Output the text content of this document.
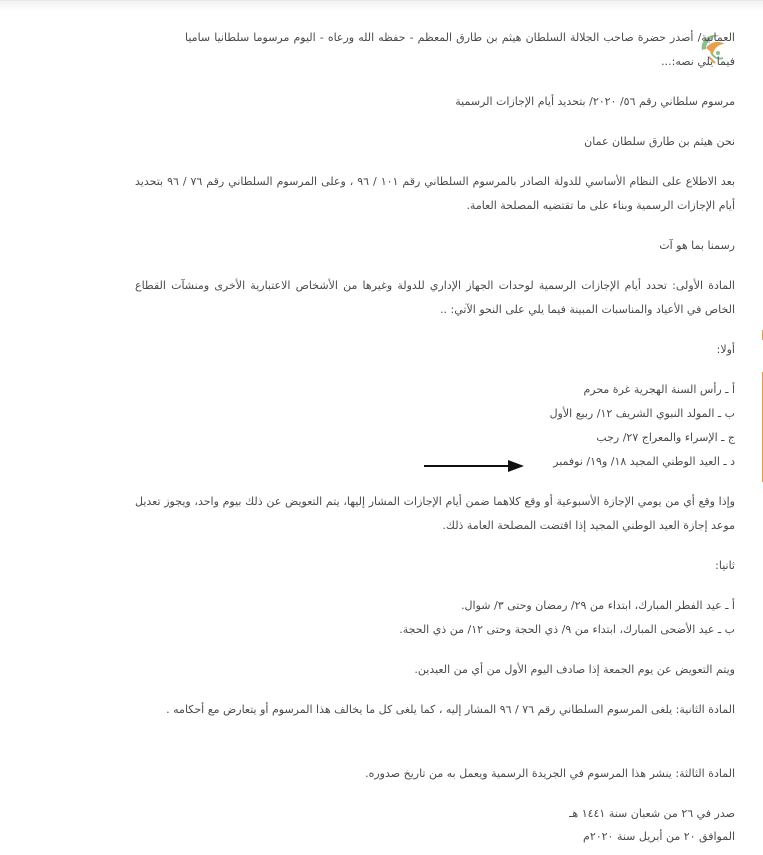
العمانية/ أصدر حضرة صاحب الجلالة السلطان هيثم بن طارق المعظم - حفظه الله ورعاه - اليوم مرسوما سلطانيا ساميا فيما يلي نصه:...
مرسوم سلطاني رقم ٥٦/ ٢٠٢٠/ بتحديد أيام الإجازات الرسمية
نحن هيثم بن طارق سلطان عمان
بعد الاطلاع على النظام الأساسي للدولة الصادر بالمرسوم السلطاني رقم ١٠١ / ٩٦ ، وعلى المرسوم السلطاني رقم ٧٦ / ٩٦ بتحديد أيام الإجازات الرسمية وبناء على ما تقتضيه المصلحة العامة.
رسمنا بما هو آت
المادة الأولى: تحدد أيام الإجازات الرسمية لوحدات الجهاز الإداري للدولة وغيرها من الأشخاص الاعتبارية الأخرى ومنشآت القطاع الخاص في الأعياد والمناسبات المبينة فيما يلي على النحو الآتي: ..
أولا:
أ ـ رأس السنة الهجرية غرة محرم
ب ـ المولد النبوي الشريف ١٢/ ربيع الأول
ج ـ الإسراء والمعراج ٢٧/ رجب
د ـ العيد الوطني المجيد ١٨/ و١٩/ نوفمبر
وإذا وقع أي من يومي الإجازة الأسبوعية أو وقع كلاهما ضمن أيام الإجازات المشار إليها، يتم التعويض عن ذلك بيوم واحد، ويجوز تعديل موعد إجازة العيد الوطني المجيد إذا اقتضت المصلحة العامة ذلك.
ثانيا:
أ ـ عيد الفطر المبارك، ابتداء من ٢٩/ رمضان وحتى ٣/ شوال.
ب ـ عيد الأضحى المبارك، ابتداء من ٩/ ذي الحجة وحتى ١٢/ من ذي الحجة.
ويتم التعويض عن يوم الجمعة إذا صادف اليوم الأول من أي من العيدين.
المادة الثانية: يلغى المرسوم السلطاني رقم ٧٦ / ٩٦ المشار إليه ، كما يلغى كل ما يخالف هذا المرسوم أو يتعارض مع أحكامه .
المادة الثالثة: ينشر هذا المرسوم في الجريدة الرسمية ويعمل به من تاريخ صدوره.
صدر في ٢٦ من شعبان سنة ١٤٤١ هـ
الموافق ٢٠ من أبريل سنة ٢٠٢٠م
